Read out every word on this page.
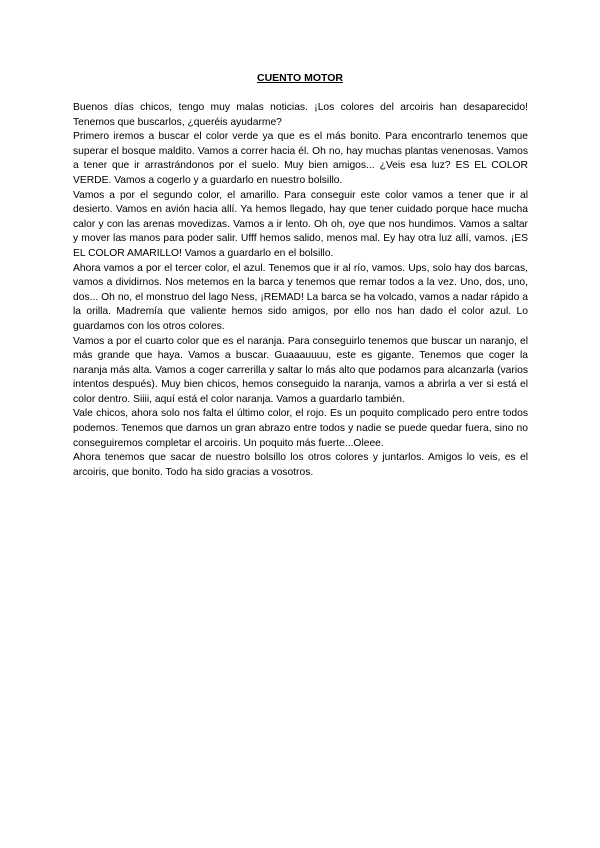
CUENTO MOTOR

Buenos días chicos, tengo muy malas noticias. ¡Los colores del arcoiris han desaparecido! Tenemos que buscarlos, ¿queréis ayudarme?

Primero iremos a buscar el color verde ya que es el más bonito. Para encontrarlo tenemos que superar el bosque maldito. Vamos a correr hacia él. Oh no, hay muchas plantas venenosas. Vamos a tener que ir arrastrándonos por el suelo. Muy bien amigos... ¿Veis esa luz? ES EL COLOR VERDE. Vamos a cogerlo y a guardarlo en nuestro bolsillo.

Vamos a por el segundo color, el amarillo. Para conseguir este color vamos a tener que ir al desierto. Vamos en avión hacia allí. Ya hemos llegado, hay que tener cuidado porque hace mucha calor y con las arenas movedizas. Vamos a ir lento. Oh oh, oye que nos hundimos. Vamos a saltar y mover las manos para poder salir. Ufff hemos salido, menos mal. Ey hay otra luz allí, vamos. ¡ES EL COLOR AMARILLO! Vamos a guardarlo en el bolsillo.

Ahora vamos a por el tercer color, el azul. Tenemos que ir al río, vamos. Ups, solo hay dos barcas, vamos a dividirnos. Nos metemos en la barca y tenemos que remar todos a la vez. Uno, dos, uno, dos... Oh no, el monstruo del lago Ness, ¡REMAD! La barca se ha volcado, vamos a nadar rápido a la orilla. Madremía que valiente hemos sido amigos, por ello nos han dado el color azul. Lo guardamos con los otros colores.

Vamos a por el cuarto color que es el naranja. Para conseguirlo tenemos que buscar un naranjo, el más grande que haya. Vamos a buscar. Guaaauuuu, este es gigante. Tenemos que coger la naranja más alta. Vamos a coger carrerilla y saltar lo más alto que podamos para alcanzarla (varios intentos después). Muy bien chicos, hemos conseguido la naranja, vamos a abrirla a ver si está el color dentro. Siiii, aquí está el color naranja. Vamos a guardarlo también.

Vale chicos, ahora solo nos falta el último color, el rojo. Es un poquito complicado pero entre todos podemos. Tenemos que darnos un gran abrazo entre todos y nadie se puede quedar fuera, sino no conseguiremos completar el arcoiris. Un poquito más fuerte...Oleee.

Ahora tenemos que sacar de nuestro bolsillo los otros colores y juntarlos. Amigos lo veis, es el arcoiris, que bonito. Todo ha sido gracias a vosotros.
